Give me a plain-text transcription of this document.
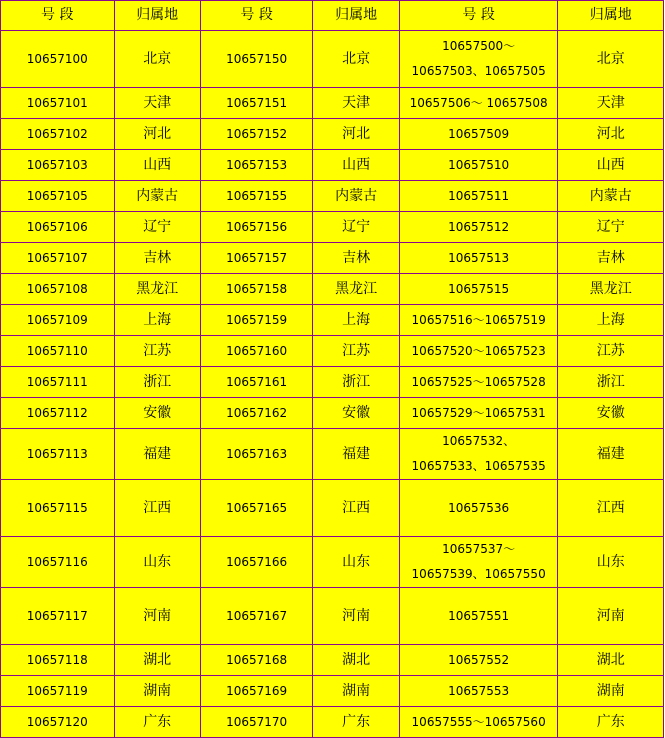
号 段	归属地	号 段	归属地	号 段	归属地
10657100	北京	10657150	北京	10657500～ 10657503、10657505	北京
10657101	天津	10657151	天津	10657506～ 10657508	天津
10657102	河北	10657152	河北	10657509	河北
10657103	山西	10657153	山西	10657510	山西
10657105	内蒙古	10657155	内蒙古	10657511	内蒙古
10657106	辽宁	10657156	辽宁	10657512	辽宁
10657107	吉林	10657157	吉林	10657513	吉林
10657108	黑龙江	10657158	黑龙江	10657515	黑龙江
10657109	上海	10657159	上海	10657516～10657519	上海
10657110	江苏	10657160	江苏	10657520～10657523	江苏
10657111	浙江	10657161	浙江	10657525～10657528	浙江
10657112	安徽	10657162	安徽	10657529～10657531	安徽
10657113	福建	10657163	福建	10657532、10657533、10657535	福建
10657115	江西	10657165	江西	10657536	江西
10657116	山东	10657166	山东	10657537～10657539、10657550	山东
10657117	河南	10657167	河南	10657551	河南
10657118	湖北	10657168	湖北	10657552	湖北
10657119	湖南	10657169	湖南	10657553	湖南
10657120	广东	10657170	广东	10657555～10657560	广东
